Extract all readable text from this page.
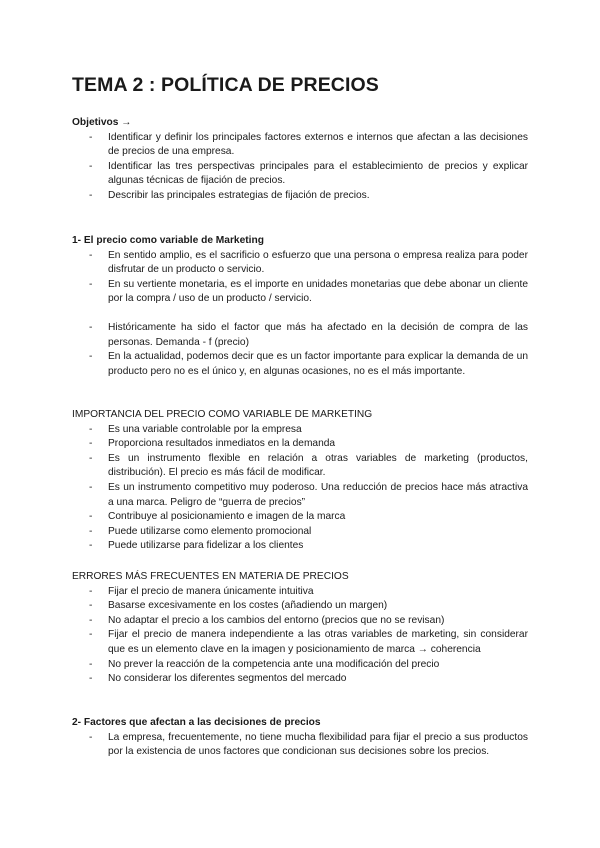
TEMA 2 : POLÍTICA DE PRECIOS

Objetivos →

- Identificar y definir los principales factores externos e internos que afectan a las decisiones de precios de una empresa.
- Identificar las tres perspectivas principales para el establecimiento de precios y explicar algunas técnicas de fijación de precios.
- Describir las principales estrategias de fijación de precios.

1- El precio como variable de Marketing

- En sentido amplio, es el sacrificio o esfuerzo que una persona o empresa realiza para poder disfrutar de un producto o servicio.
- En su vertiente monetaria, es el importe en unidades monetarias que debe abonar un cliente por la compra / uso de un producto / servicio.
- Históricamente ha sido el factor que más ha afectado en la decisión de compra de las personas. Demanda - f (precio)
- En la actualidad, podemos decir que es un factor importante para explicar la demanda de un producto pero no es el único y, en algunas ocasiones, no es el más importante.

IMPORTANCIA DEL PRECIO COMO VARIABLE DE MARKETING

- Es una variable controlable por la empresa
- Proporciona resultados inmediatos en la demanda
- Es un instrumento flexible en relación a otras variables de marketing (productos, distribución). El precio es más fácil de modificar.
- Es un instrumento competitivo muy poderoso. Una reducción de precios hace más atractiva a una marca. Peligro de “guerra de precios”
- Contribuye al posicionamiento e imagen de la marca
- Puede utilizarse como elemento promocional
- Puede utilizarse para fidelizar a los clientes

ERRORES MÁS FRECUENTES EN MATERIA DE PRECIOS

- Fijar el precio de manera únicamente intuitiva
- Basarse excesivamente en los costes (añadiendo un margen)
- No adaptar el precio a los cambios del entorno (precios que no se revisan)
- Fijar el precio de manera independiente a las otras variables de marketing, sin considerar que es un elemento clave en la imagen y posicionamiento de marca → coherencia
- No prever la reacción de la competencia ante una modificación del precio
- No considerar los diferentes segmentos del mercado

2- Factores que afectan a las decisiones de precios

- La empresa, frecuentemente, no tiene mucha flexibilidad para fijar el precio a sus productos por la existencia de unos factores que condicionan sus decisiones sobre los precios.
